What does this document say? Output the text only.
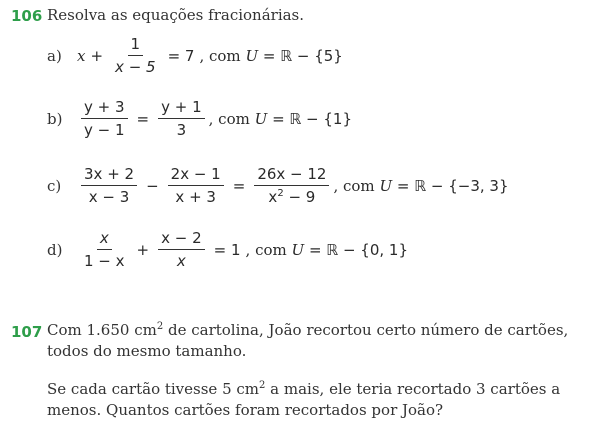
106 Resolva as equações fracionárias.
a)	$x + \frac{1}{x - 5} = 7$ , com
U
= ℝ − {5}
b)	$\frac{y + 3}{y - 1} = \frac{y + 1}{3}$ , com
U
= ℝ − {1}
c)	$\frac{3x + 2}{x - 3} - \frac{2x - 1}{x + 3} = \frac{26x - 12}{x^2 - 9}$ , com
U
= ℝ − {−3, 3}
d)	$\frac{x}{1 - x} + \frac{x - 2}{x} = 1$ , com
U
= ℝ − {0, 1}
107 Com 1.650 $cm^2$ de cartolina, João recortou certo número de cartões, todos do mesmo tamanho.
Se cada cartão tivesse 5 $cm^2$ a mais, ele teria recortado 3 cartões a menos. Quantos cartões foram recortados por João?
